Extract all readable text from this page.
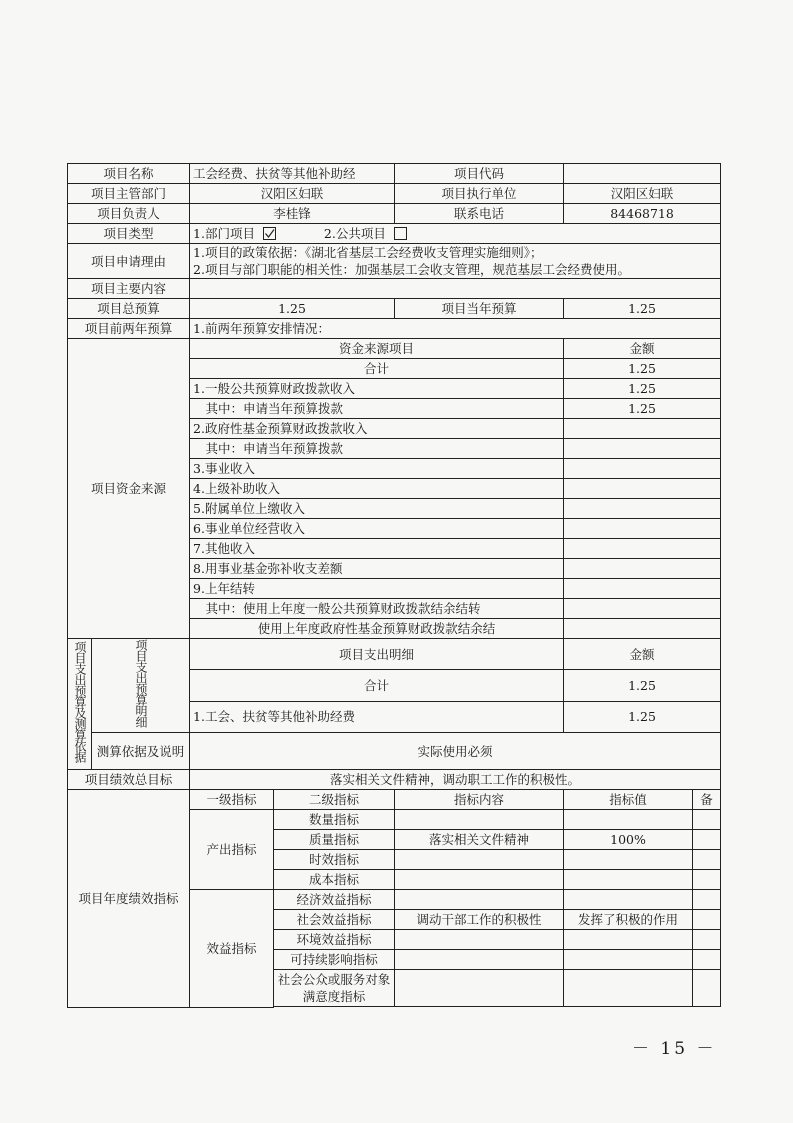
项目名称		工会经费、扶贫等其他补助经		项目代码		
项目主管部门		汉阳区妇联		项目执行单位	汉阳区妇联	
项目负责人		李桂锋		联系电话	84468718	
项目类型		1.部门项目 2.公共项目				
项目申请理由		1.项目的政策依据：《湖北省基层工会经费收支管理实施细则》；
2.项目与部门职能的相关性：加强基层工会收支管理，规范基层工会经费使用。				

项目主要内容						
项目总预算		1.25		项目当年预算	1.25	
项目前两年预算		1.前两年预算安排情况：				
项目资金来源		资金来源项目			金额	
		合计			1.25	
		1.一般公共预算财政拨款收入			1.25	
		　其中：申请当年预算拨款			1.25	
		2.政府性基金预算财政拨款收入				
		　其中：申请当年预算拨款				
		3.事业收入				
		4.上级补助收入				
		5.附属单位上缴收入				
		6.事业单位经营收入				
		7.其他收入				
		8.用事业基金弥补收支差额				
		9.上年结转				
		　其中：使用上年度一般公共预算财政拨款结余结转				
		使用上年度政府性基金预算财政拨款结余结				
项目支出预算及测算依据	项目支出预算明细	项目支出明细			金额	
		合计			1.25	
		1.工会、扶贫等其他补助经费			1.25	
	测算依据及说明	实际使用必须				
项目绩效总目标		落实相关文件精神，调动职工工作的积极性。				
项目年度绩效指标		一级指标	二级指标	指标内容	指标值	备
		产出指标	数量指标			
			质量指标	落实相关文件精神	100%	
			时效指标			
			成本指标			
		效益指标	经济效益指标			
			社会效益指标	调动干部工作的积极性	发挥了积极的作用	
			环境效益指标			
			可持续影响指标			
			社会公众或服务对象满意度指标			

－ 15 －
